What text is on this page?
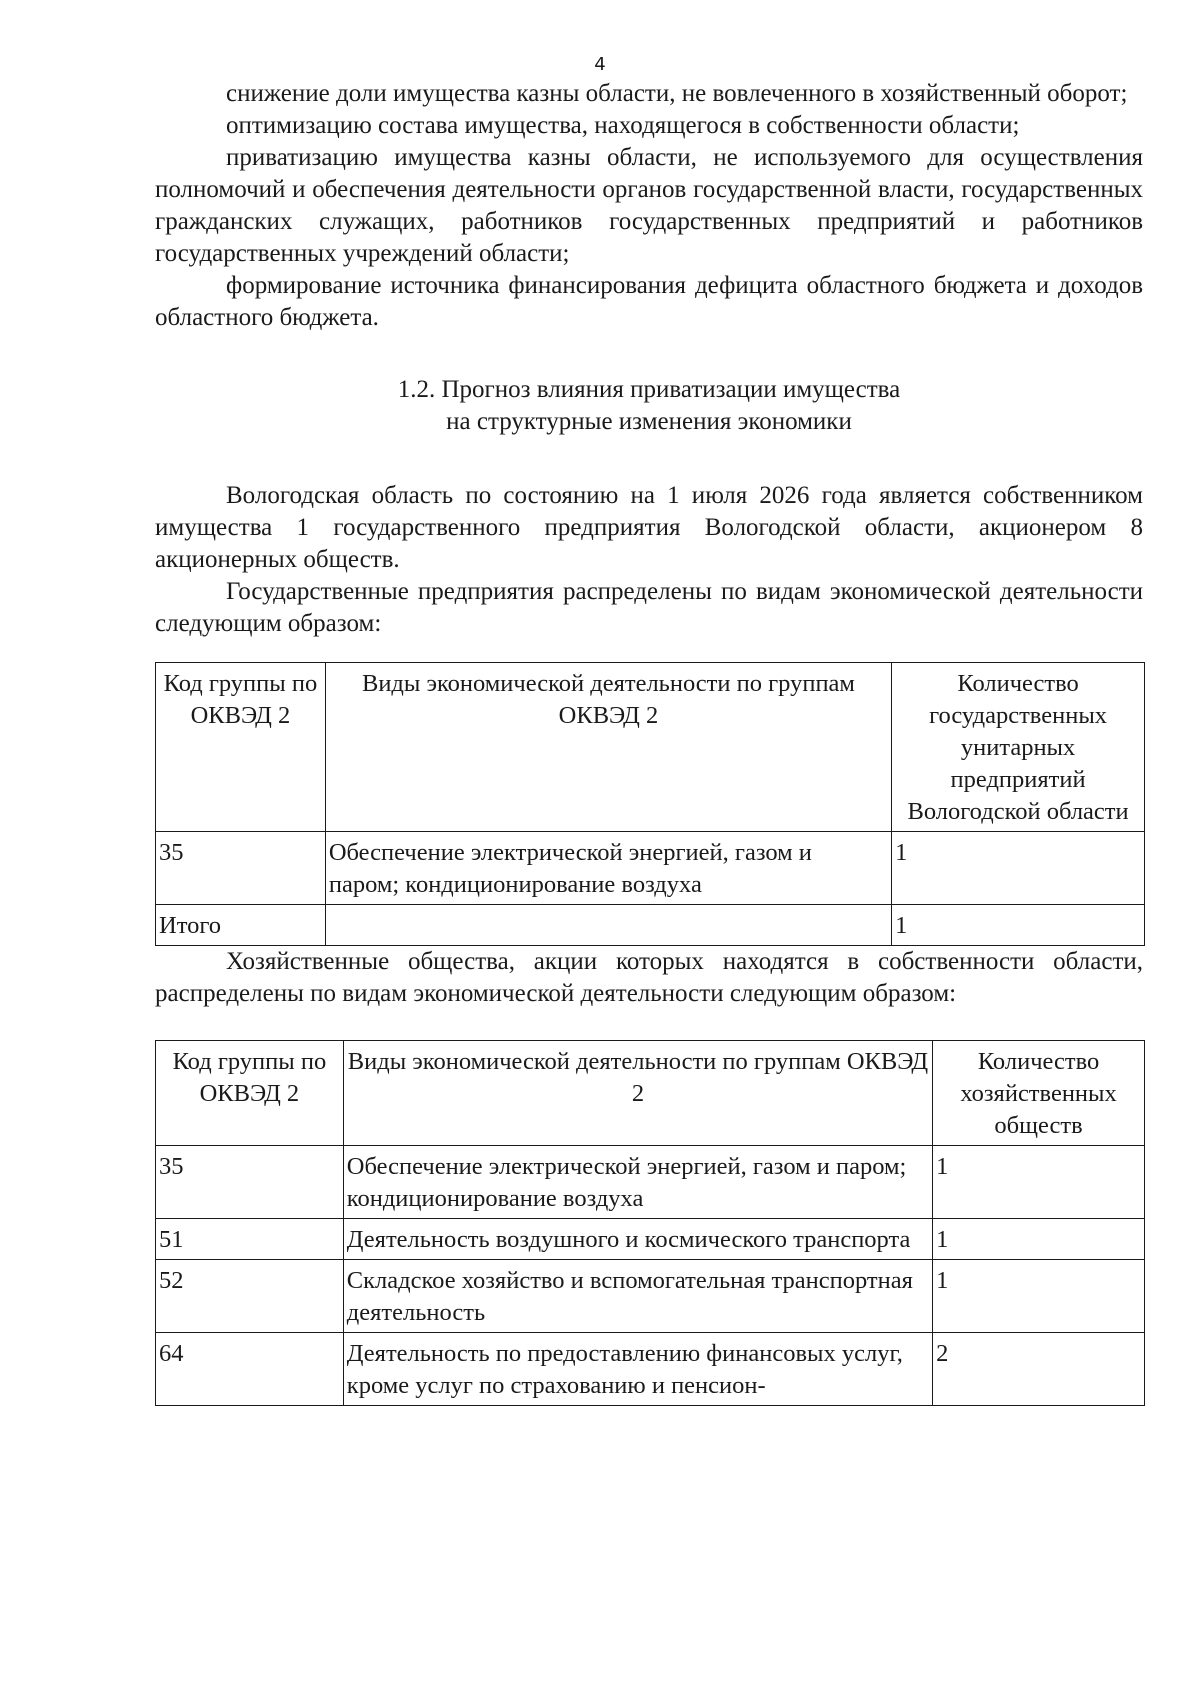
4

снижение доли имущества казны области, не вовлеченного в хозяйственный оборот;

оптимизацию состава имущества, находящегося в собственности области;

приватизацию имущества казны области, не используемого для осуществления полномочий и обеспечения деятельности органов государственной власти, государственных гражданских служащих, работников государственных предприятий и работников государственных учреждений области;

формирование источника финансирования дефицита областного бюджета и доходов областного бюджета.

1.2. Прогноз влияния приватизации имущества
на структурные изменения экономики

Вологодская область по состоянию на 1 июля 2026 года является собственником имущества 1 государственного предприятия Вологодской области, акционером 8 акционерных обществ.

Государственные предприятия распределены по видам экономической деятельности следующим образом:

Код группы по ОКВЭД 2	Виды экономической деятельности по группам ОКВЭД 2	Количество государственных унитарных предприятий Вологодской области
35	Обеспечение электрической энергией, газом и паром; кондиционирование воздуха	1
Итого		1

Хозяйственные общества, акции которых находятся в собственности области, распределены по видам экономической деятельности следующим образом:

Код группы по ОКВЭД 2	Виды экономической деятельности по группам ОКВЭД 2	Количество хозяйственных обществ
35	Обеспечение электрической энергией, газом и паром; кондиционирование воздуха	1
51	Деятельность воздушного и космического транспорта	1
52	Складское хозяйство и вспомогательная транспортная деятельность	1
64	Деятельность по предоставлению финансовых услуг, кроме услуг по страхованию и пенсион-	2
